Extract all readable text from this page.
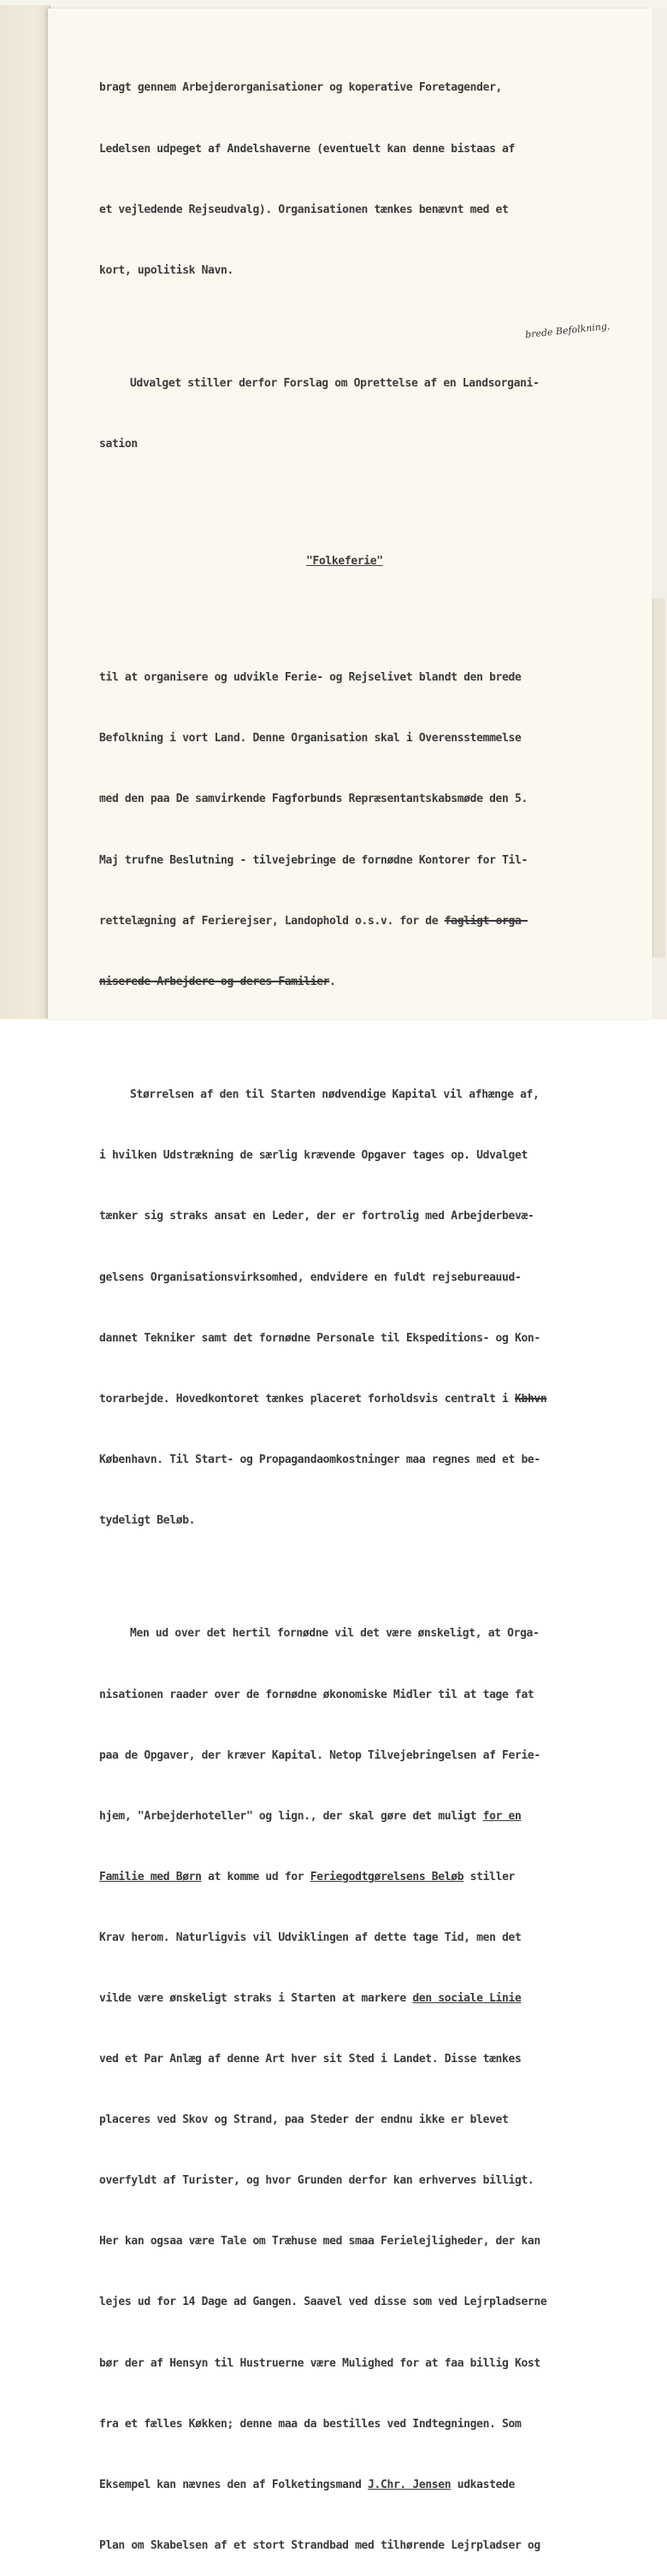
bragt gennem Arbejderorganisationer og koperative Foretagender,

Ledelsen udpeget af Andelshaverne (eventuelt kan denne bistaas af

et vejledende Rejseudvalg). Organisationen tænkes benævnt med et

kort, upolitisk Navn.

Udvalget stiller derfor Forslag om Oprettelse af en Landsorgani-

sation

"Folkeferie"

til at organisere og udvikle Ferie- og Rejselivet blandt den brede

Befolkning i vort Land. Denne Organisation skal i Overensstemmelse

med den paa De samvirkende Fagforbunds Repræsentantskabsmøde den 5.

Maj trufne Beslutning - tilvejebringe de fornødne Kontorer for Til-

rettelægning af Ferierejser, Landophold o.s.v. for de fagligt orga-

niserede Arbejdere og deres Familier.

Størrelsen af den til Starten nødvendige Kapital vil afhænge af,

i hvilken Udstrækning de særlig krævende Opgaver tages op. Udvalget

tænker sig straks ansat en Leder, der er fortrolig med Arbejderbevæ-

gelsens Organisationsvirksomhed, endvidere en fuldt rejsebureauud-

dannet Tekniker samt det fornødne Personale til Ekspeditions- og Kon-

torarbejde. Hovedkontoret tænkes placeret forholdsvis centralt i Kbhvn

København. Til Start- og Propagandaomkostninger maa regnes med et be-

tydeligt Beløb.

Men ud over det hertil fornødne vil det være ønskeligt, at Orga-

nisationen raader over de fornødne økonomiske Midler til at tage fat

paa de Opgaver, der kræver Kapital. Netop Tilvejebringelsen af Ferie-

hjem, "Arbejderhoteller" og lign., der skal gøre det muligt for en

Familie med Børn at komme ud for Feriegodtgørelsens Beløb stiller

Krav herom. Naturligvis vil Udviklingen af dette tage Tid, men det

vilde være ønskeligt straks i Starten at markere den sociale Linie

ved et Par Anlæg af denne Art hver sit Sted i Landet. Disse tænkes

placeres ved Skov og Strand, paa Steder der endnu ikke er blevet

overfyldt af Turister, og hvor Grunden derfor kan erhverves billigt.

Her kan ogsaa være Tale om Træhuse med smaa Ferielejligheder, der kan

lejes ud for 14 Dage ad Gangen. Saavel ved disse som ved Lejrpladserne

bør der af Hensyn til Hustruerne være Mulighed for at faa billig Kost

fra et fælles Køkken; denne maa da bestilles ved Indtegningen. Som

Eksempel kan nævnes den af Folketingsmand J.Chr. Jensen udkastede

Plan om Skabelsen af et stort Strandbad med tilhørende Lejrpladser og

brede Befolkning,
